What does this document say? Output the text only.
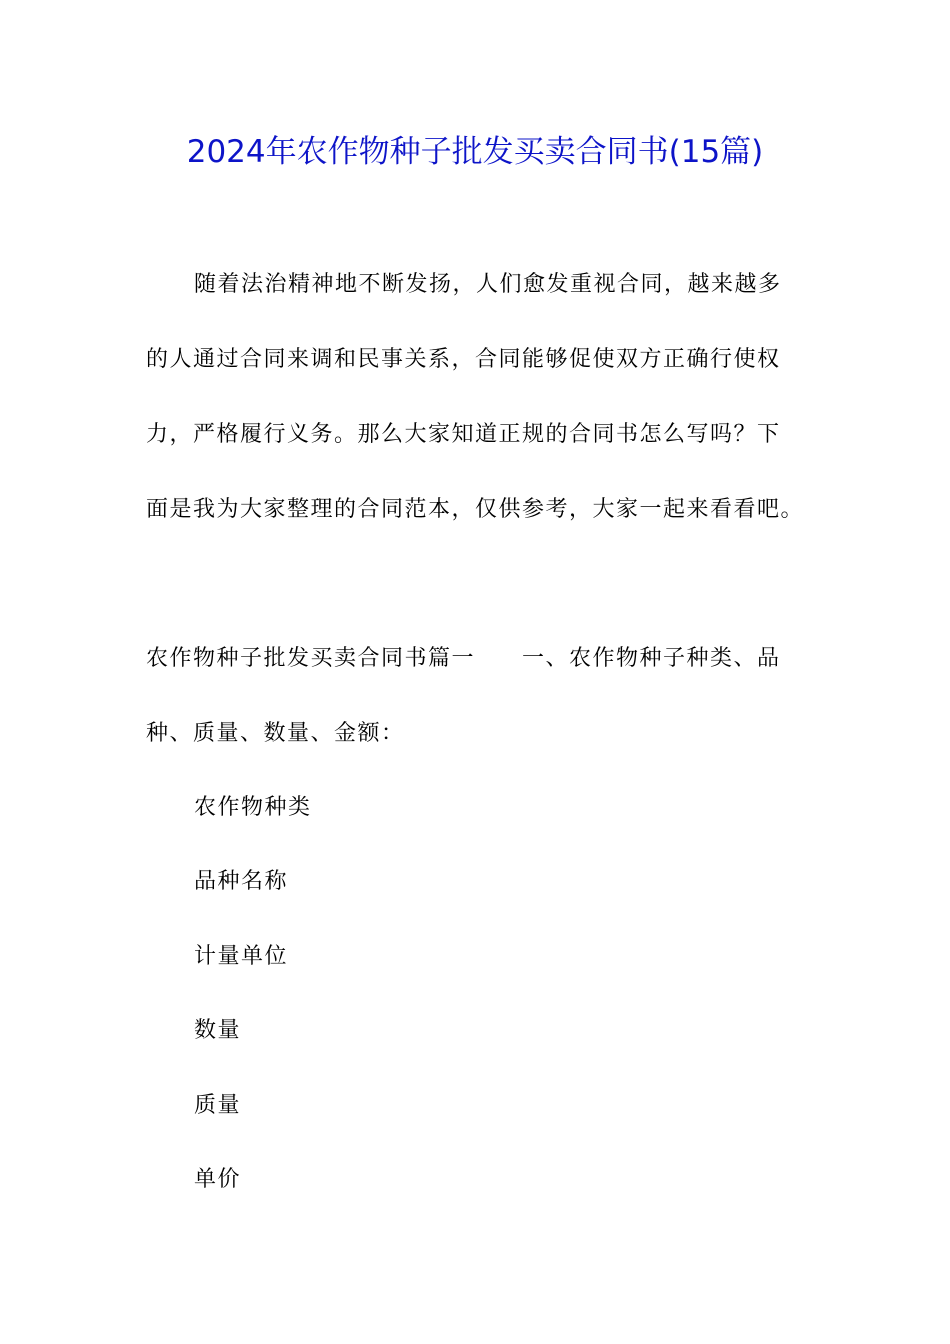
2024年农作物种子批发买卖合同书(15篇)
随着法治精神地不断发扬，人们愈发重视合同，越来越多
的人通过合同来调和民事关系，合同能够促使双方正确行使权
力，严格履行义务。那么大家知道正规的合同书怎么写吗？下
面是我为大家整理的合同范本，仅供参考，大家一起来看看吧。
农作物种子批发买卖合同书篇一　　一、农作物种子种类、品
种、质量、数量、金额：
农作物种类
品种名称
计量单位
数量
质量
单价
